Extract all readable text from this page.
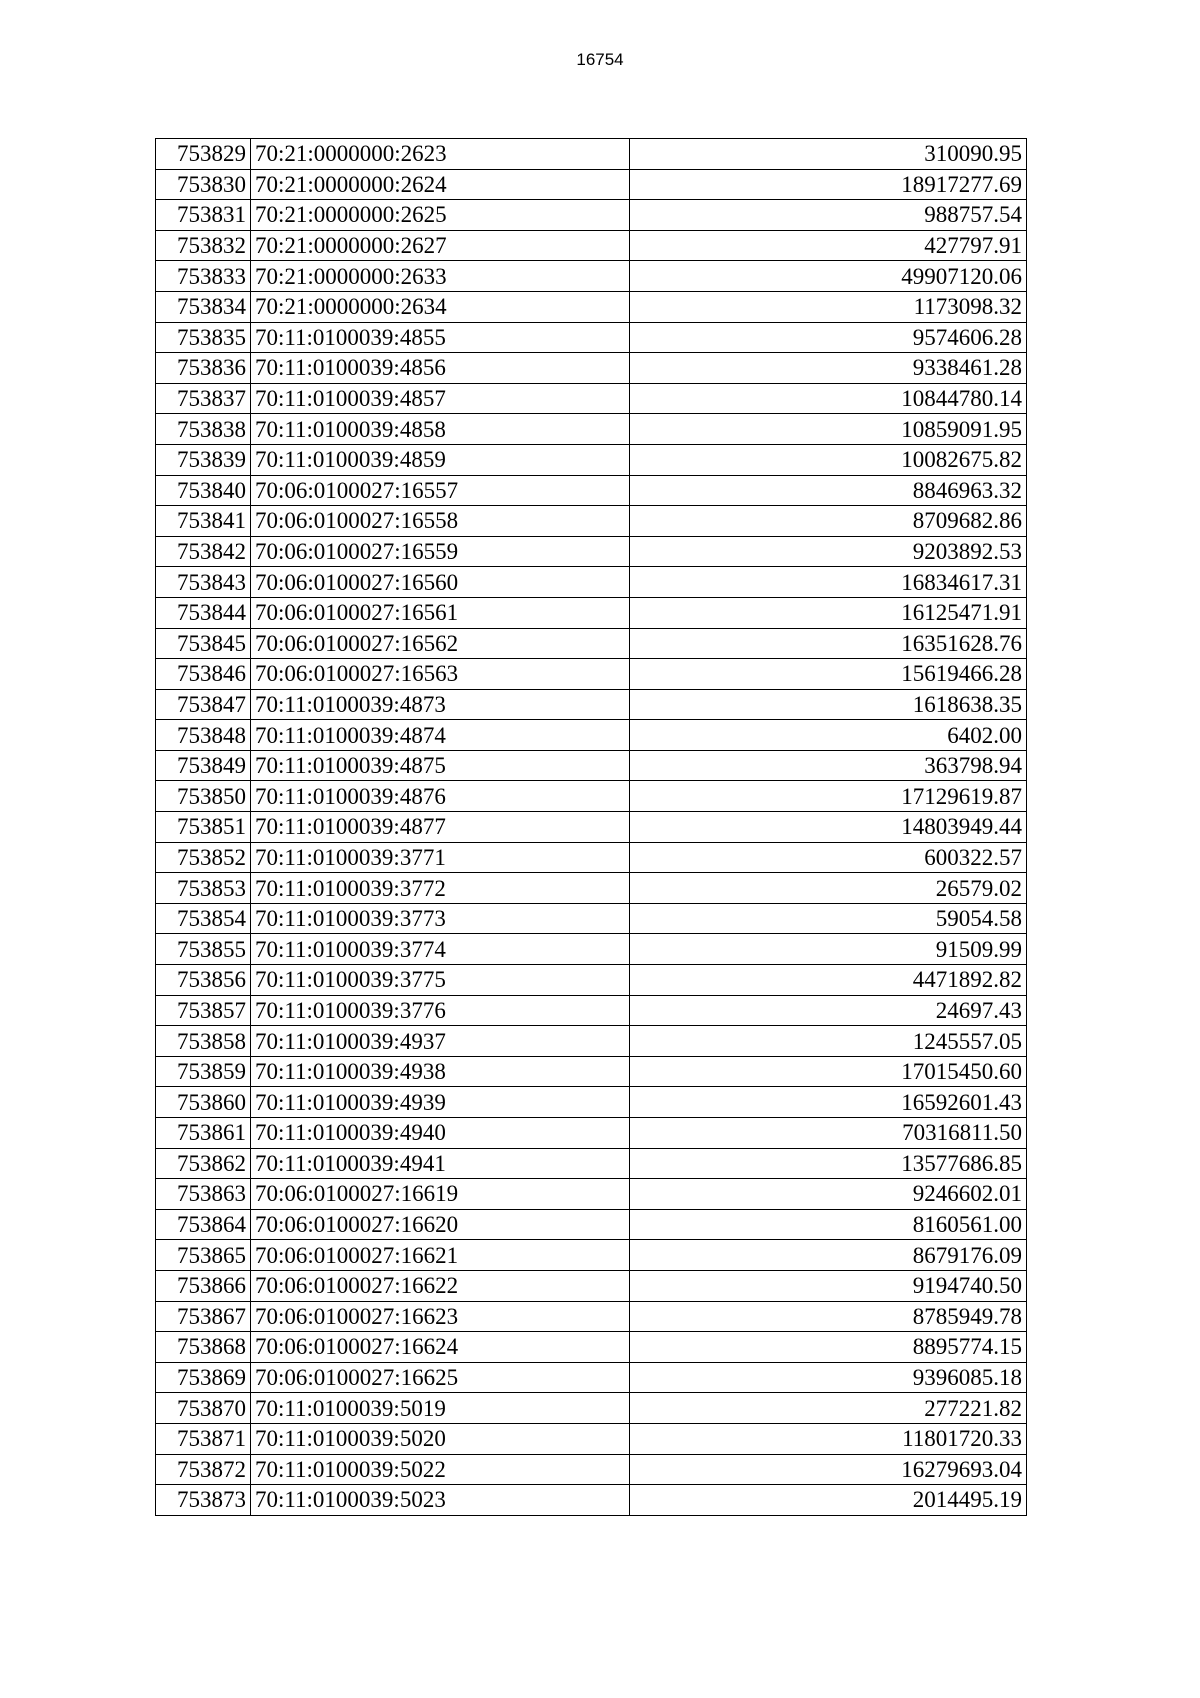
16754
753829	70:21:0000000:2623	310090.95
753830	70:21:0000000:2624	18917277.69
753831	70:21:0000000:2625	988757.54
753832	70:21:0000000:2627	427797.91
753833	70:21:0000000:2633	49907120.06
753834	70:21:0000000:2634	1173098.32
753835	70:11:0100039:4855	9574606.28
753836	70:11:0100039:4856	9338461.28
753837	70:11:0100039:4857	10844780.14
753838	70:11:0100039:4858	10859091.95
753839	70:11:0100039:4859	10082675.82
753840	70:06:0100027:16557	8846963.32
753841	70:06:0100027:16558	8709682.86
753842	70:06:0100027:16559	9203892.53
753843	70:06:0100027:16560	16834617.31
753844	70:06:0100027:16561	16125471.91
753845	70:06:0100027:16562	16351628.76
753846	70:06:0100027:16563	15619466.28
753847	70:11:0100039:4873	1618638.35
753848	70:11:0100039:4874	6402.00
753849	70:11:0100039:4875	363798.94
753850	70:11:0100039:4876	17129619.87
753851	70:11:0100039:4877	14803949.44
753852	70:11:0100039:3771	600322.57
753853	70:11:0100039:3772	26579.02
753854	70:11:0100039:3773	59054.58
753855	70:11:0100039:3774	91509.99
753856	70:11:0100039:3775	4471892.82
753857	70:11:0100039:3776	24697.43
753858	70:11:0100039:4937	1245557.05
753859	70:11:0100039:4938	17015450.60
753860	70:11:0100039:4939	16592601.43
753861	70:11:0100039:4940	70316811.50
753862	70:11:0100039:4941	13577686.85
753863	70:06:0100027:16619	9246602.01
753864	70:06:0100027:16620	8160561.00
753865	70:06:0100027:16621	8679176.09
753866	70:06:0100027:16622	9194740.50
753867	70:06:0100027:16623	8785949.78
753868	70:06:0100027:16624	8895774.15
753869	70:06:0100027:16625	9396085.18
753870	70:11:0100039:5019	277221.82
753871	70:11:0100039:5020	11801720.33
753872	70:11:0100039:5022	16279693.04
753873	70:11:0100039:5023	2014495.19
